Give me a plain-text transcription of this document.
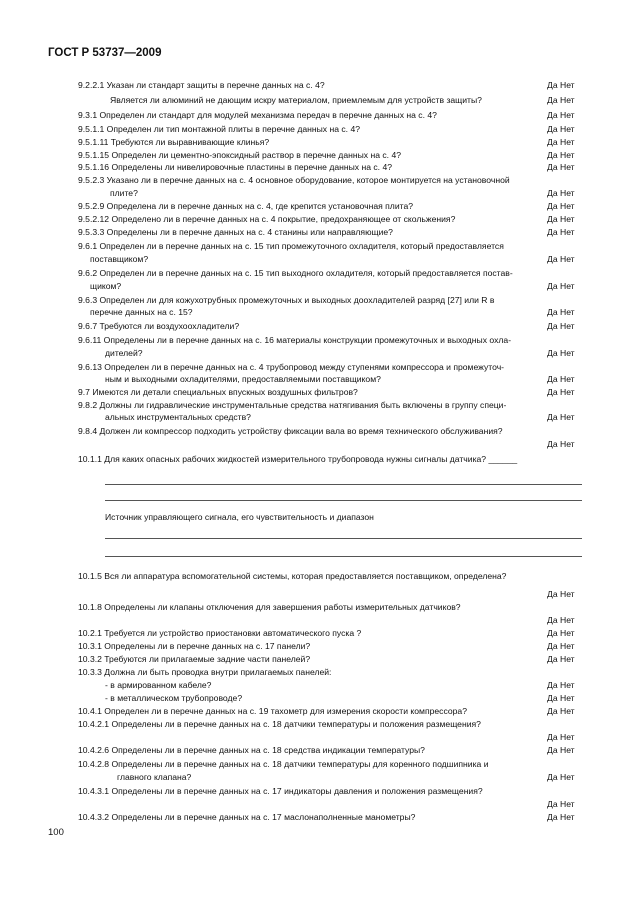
ГОСТ Р 53737—2009
9.2.2.1 Указан ли стандарт защиты в перечне данных на с. 4?	Да Нет
Является ли алюминий не дающим искру материалом, приемлемым для устройств защиты?	Да Нет
9.3.1 Определен ли стандарт для модулей механизма передач в перечне данных на с. 4?	Да Нет
9.5.1.1 Определен ли тип монтажной плиты в перечне данных на с. 4?	Да Нет
9.5.1.11 Требуются ли выравнивающие клинья?	Да Нет
9.5.1.15 Определен ли цементно-эпоксидный раствор в перечне данных на с. 4?	Да Нет
9.5.1.16 Определены ли нивелировочные пластины в перечне данных на с. 4?	Да Нет
9.5.2.3 Указано ли в перечне данных на с. 4 основное оборудование, которое монтируется на установочной
плите?	Да Нет
9.5.2.9 Определена ли в перечне данных на с. 4, где крепится установочная плита?	Да Нет
9.5.2.12 Определено ли в перечне данных на с. 4 покрытие, предохраняющее от скольжения?	Да Нет
9.5.3.3 Определены ли в перечне данных на с. 4 станины или направляющие?	Да Нет
9.6.1 Определен ли в перечне данных на с. 15 тип промежуточного охладителя, который предоставляется
поставщиком?	Да Нет
9.6.2 Определен ли в перечне данных на с. 15 тип выходного охладителя, который предоставляется постав-
щиком?	Да Нет
9.6.3 Определен ли для кожухотрубных промежуточных и выходных доохладителей разряд [27] или R в
перечне данных на с. 15?	Да Нет
9.6.7 Требуются ли воздухоохладители?	Да Нет
9.6.11 Определены ли в перечне данных на с. 16 материалы конструкции промежуточных и выходных охла-
дителей?	Да Нет
9.6.13 Определен ли в перечне данных на с. 4 трубопровод между ступенями компрессора и промежуточ-
ным и выходными охладителями, предоставляемыми поставщиком?	Да Нет
9.7 Имеются ли детали специальных впускных воздушных фильтров?	Да Нет
9.8.2 Должны ли гидравлические инструментальные средства натягивания быть включены в группу специ-
альных инструментальных средств?	Да Нет
9.8.4 Должен ли компрессор подходить устройству фиксации вала во время технического обслуживания?
Да Нет
10.1.1 Для каких опасных рабочих жидкостей измерительного трубопровода нужны сигналы датчика? ______
Источник управляющего сигнала, его чувствительность и диапазон
10.1.5 Вся ли аппаратура вспомогательной системы, которая предоставляется поставщиком, определена?
Да Нет
10.1.8 Определены ли клапаны отключения для завершения работы измерительных датчиков?
Да Нет
10.2.1 Требуется ли устройство приостановки автоматического пуска ?	Да Нет
10.3.1 Определены ли в перечне данных на с. 17 панели?	Да Нет
10.3.2 Требуются ли прилагаемые задние части панелей?	Да Нет
10.3.3 Должна ли быть проводка внутри прилагаемых панелей:
- в армированном кабеле?	Да Нет
- в металлическом трубопроводе?	Да Нет
10.4.1 Определен ли в перечне данных на с. 19 тахометр для измерения скорости компрессора?	Да Нет
10.4.2.1 Определены ли в перечне данных на с. 18 датчики температуры и положения размещения?
Да Нет
10.4.2.6 Определены ли в перечне данных на с. 18 средства индикации температуры?	Да Нет
10.4.2.8 Определены ли в перечне данных на с. 18 датчики температуры для коренного подшипника и
главного клапана?	Да Нет
10.4.3.1 Определены ли в перечне данных на с. 17 индикаторы давления и положения размещения?
Да Нет
10.4.3.2 Определены ли в перечне данных на с. 17 маслонаполненные манометры?	Да Нет
100
